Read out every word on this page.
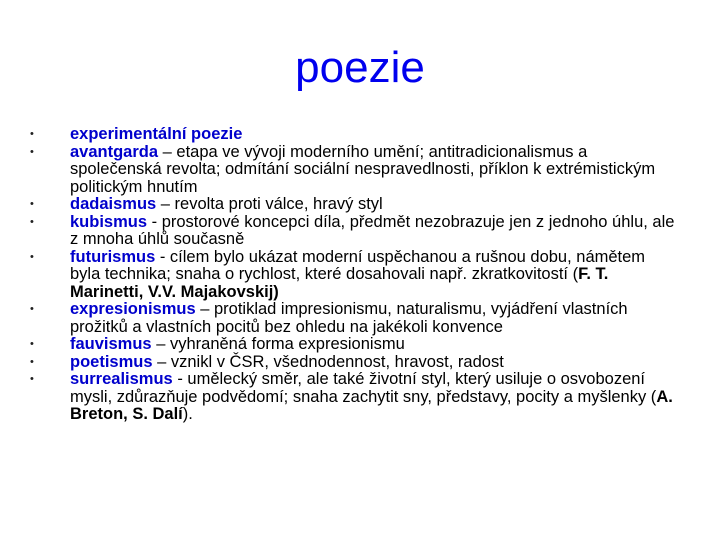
poezie
• experimentální poezie
• avantgarda – etapa ve vývoji moderního umění; antitradicionalismus a společenská revolta; odmítání sociální nespravedlnosti, příklon k extrémistickým politickým hnutím
• dadaismus – revolta proti válce, hravý styl
• kubismus - prostorové koncepci díla, předmět nezobrazuje jen z jednoho úhlu, ale z mnoha úhlů současně
• futurismus - cílem bylo ukázat moderní uspěchanou a rušnou dobu, námětem byla technika; snaha o rychlost, které dosahovali např. zkratkovitostí (F. T. Marinetti, V.V. Majakovskij)
• expresionismus – protiklad impresionismu, naturalismu, vyjádření vlastních prožitků a vlastních pocitů bez ohledu na jakékoli konvence
• fauvismus – vyhraněná forma expresionismu
• poetismus – vznikl v ČSR, všednodennost, hravost, radost
• surrealismus - umělecký směr, ale také životní styl, který usiluje o osvobození mysli, zdůrazňuje podvědomí; snaha zachytit sny, představy, pocity a myšlenky (A. Breton, S. Dalí).
